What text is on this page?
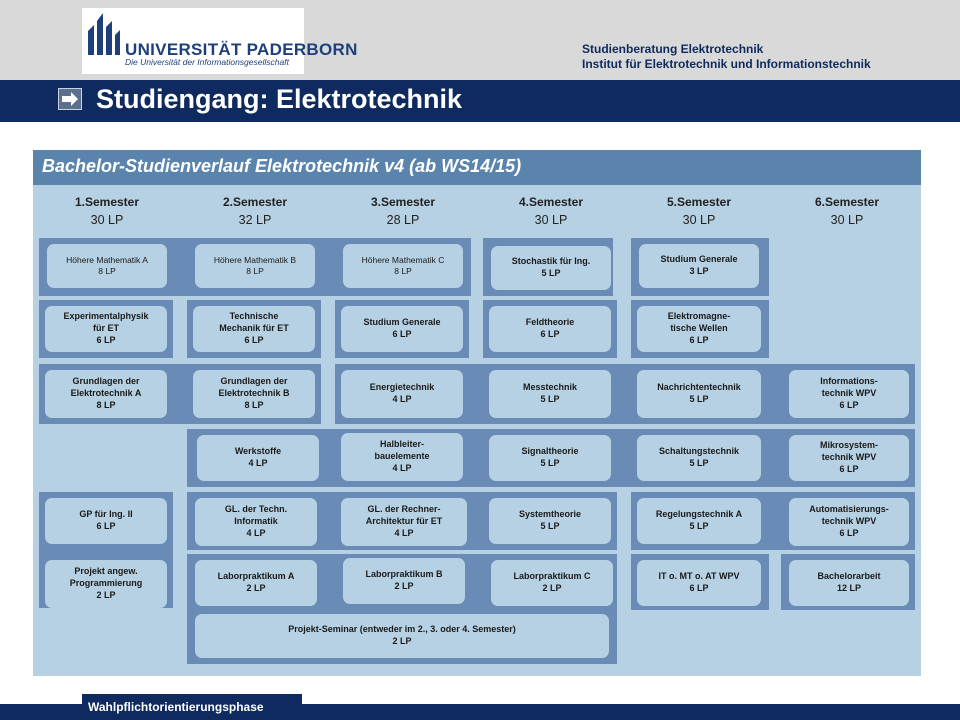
UNIVERSITÄT PADERBORN
Die Universität der Informationsgesellschaft
Studienberatung Elektrotechnik
Institut für Elektrotechnik und Informationstechnik
Studiengang: Elektrotechnik
Bachelor-Studienverlauf Elektrotechnik v4 (ab WS14/15)
1.Semester
30 LP
2.Semester
32 LP
3.Semester
28 LP
4.Semester
30 LP
5.Semester
30 LP
6.Semester
30 LP
Höhere Mathematik A
8 LP
Höhere Mathematik B
8 LP
Höhere Mathematik C
8 LP
Stochastik für Ing.
5 LP
Studium Generale
3 LP
Experimentalphysik
für ET
6 LP
Technische
Mechanik für ET
6 LP
Studium Generale
6 LP
Feldtheorie
6 LP
Elektromagne-
tische Wellen
6 LP
Grundlagen der
Elektrotechnik A
8 LP
Grundlagen der
Elektrotechnik B
8 LP
Energietechnik
4 LP
Messtechnik
5 LP
Nachrichtentechnik
5 LP
Informations-
technik WPV
6 LP
Werkstoffe
4 LP
Halbleiter-
bauelemente
4 LP
Signaltheorie
5 LP
Schaltungstechnik
5 LP
Mikrosystem-
technik WPV
6 LP
GP für Ing. II
6 LP
GL. der Techn.
Informatik
4 LP
GL. der Rechner-
Architektur für ET
4 LP
Systemtheorie
5 LP
Regelungstechnik A
5 LP
Automatisierungs-
technik WPV
6 LP
Projekt angew.
Programmierung
2 LP
Laborpraktikum A
2 LP
Laborpraktikum B
2 LP
Laborpraktikum C
2 LP
IT o. MT o. AT WPV
6 LP
Bachelorarbeit
12 LP
Projekt-Seminar (entweder im 2., 3. oder 4. Semester)
2 LP
Wahlpflichtorientierungsphase
